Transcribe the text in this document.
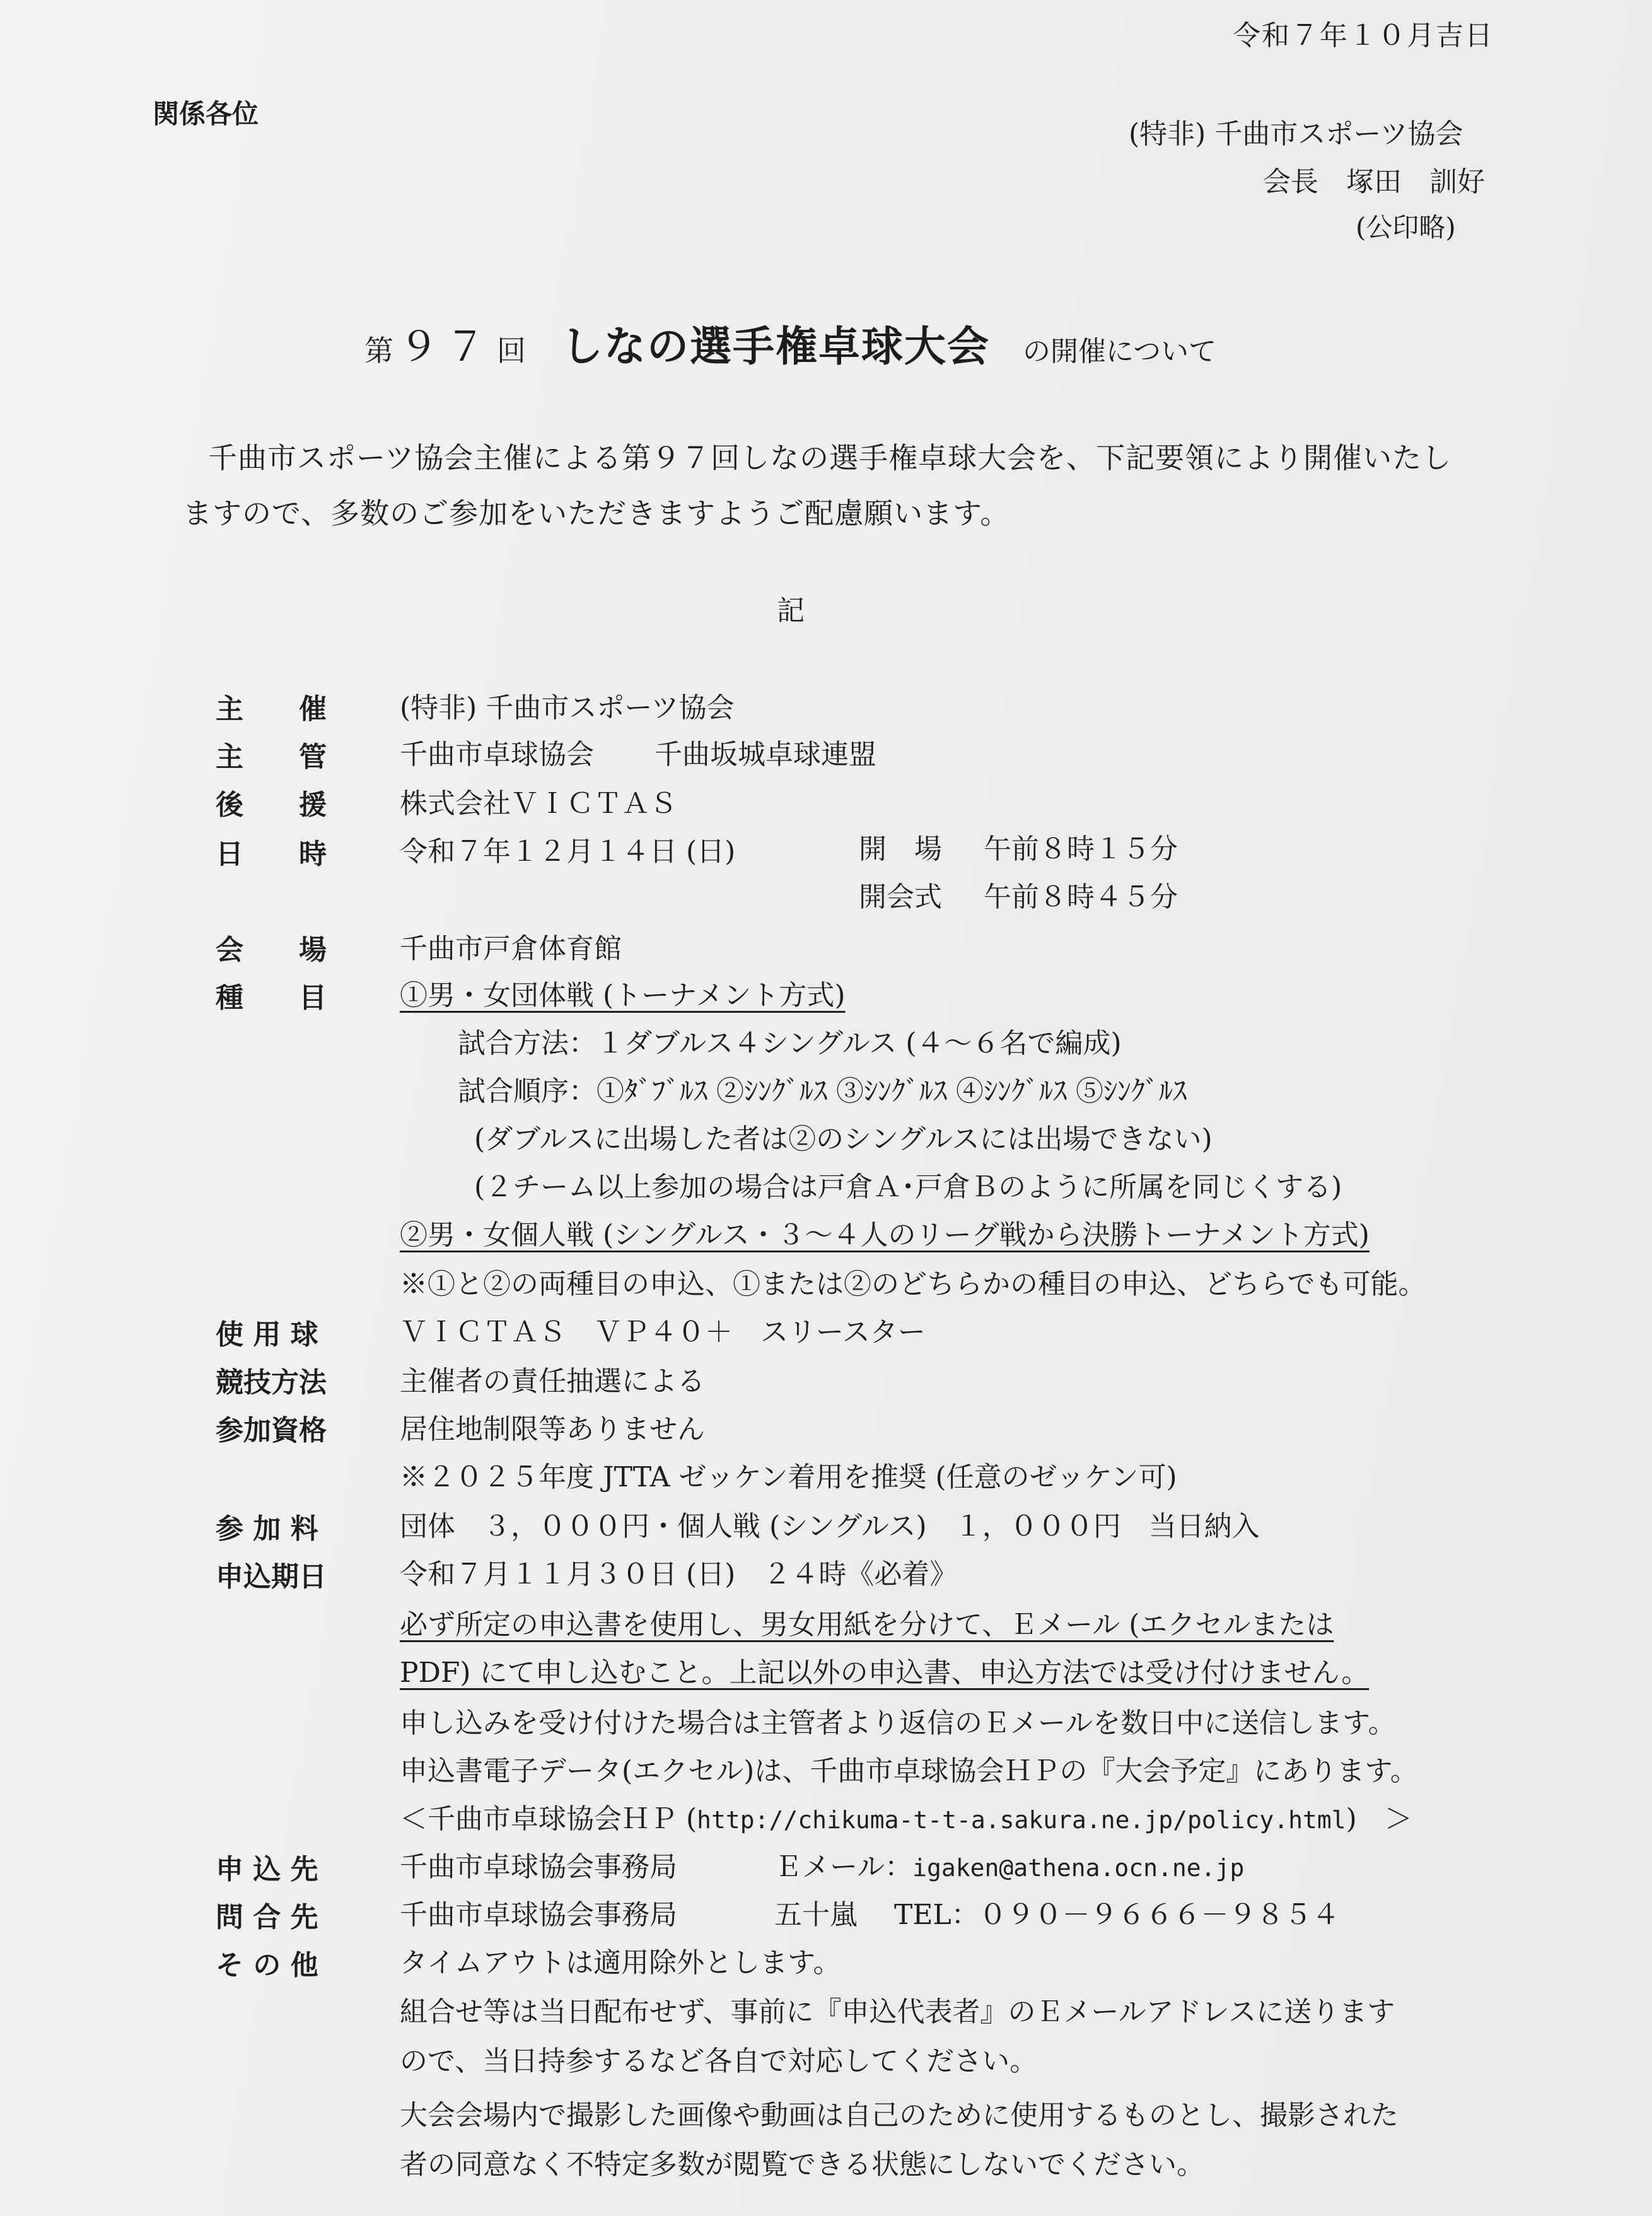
令和７年１０月吉日
関係各位
(特非) 千曲市スポーツ協会
会長　塚田　訓好
(公印略)
第 ９７ 回 しなの選手権卓球大会 の開催について
千曲市スポーツ協会主催による第９７回しなの選手権卓球大会を、下記要領により開催いたし
ますので、多数のご参加をいただきますようご配慮願います。
記
主　　催	(特非) 千曲市スポーツ協会
主　　管	千曲市卓球協会 千曲坂城卓球連盟
後　　援	株式会社ＶＩＣＴＡＳ
日　　時	令和７年１２月１４日 (日)	開　場 午前８時１５分
開会式 午前８時４５分
会　　場	千曲市戸倉体育館
種　　目	①男・女団体戦 (トーナメント方式)
試合方法：１ダブルス４シングルス (４～６名で編成)
試合順序：①ﾀﾞﾌﾞﾙｽ ②ｼﾝｸﾞﾙｽ ③ｼﾝｸﾞﾙｽ ④ｼﾝｸﾞﾙｽ ⑤ｼﾝｸﾞﾙｽ
(ダブルスに出場した者は②のシングルスには出場できない)
(２チーム以上参加の場合は戸倉Ａ･戸倉Ｂのように所属を同じくする)
②男・女個人戦 (シングルス・３～４人のリーグ戦から決勝トーナメント方式)
※①と②の両種目の申込、①または②のどちらかの種目の申込、どちらでも可能。
使 用 球	ＶＩＣＴＡＳ　ＶＰ４０＋　スリースター
競技方法	主催者の責任抽選による
参加資格	居住地制限等ありません
※２０２５年度 JTTA ゼッケン着用を推奨 (任意のゼッケン可)
参 加 料	団体　３，０００円・個人戦 (シングルス)　１，０００円　当日納入
申込期日	令和７月１１月３０日 (日)　２４時《必着》
必ず所定の申込書を使用し、男女用紙を分けて、Ｅメール (エクセルまたは
PDF) にて申し込むこと。上記以外の申込書、申込方法では受け付けません。
申し込みを受け付けた場合は主管者より返信のＥメールを数日中に送信します。
申込書電子データ(エクセル)は、千曲市卓球協会ＨＰの『大会予定』にあります。
＜千曲市卓球協会ＨＰ (http://chikuma-t-t-a.sakura.ne.jp/policy.html)　＞
申 込 先	千曲市卓球協会事務局	Ｅメール：igaken@athena.ocn.ne.jp
問 合 先	千曲市卓球協会事務局	五十嵐 TEL：０９０－９６６６－９８５４
そ の 他	タイムアウトは適用除外とします。
組合せ等は当日配布せず、事前に『申込代表者』のＥメールアドレスに送ります
ので、当日持参するなど各自で対応してください。
大会会場内で撮影した画像や動画は自己のために使用するものとし、撮影された
者の同意なく不特定多数が閲覧できる状態にしないでください。
